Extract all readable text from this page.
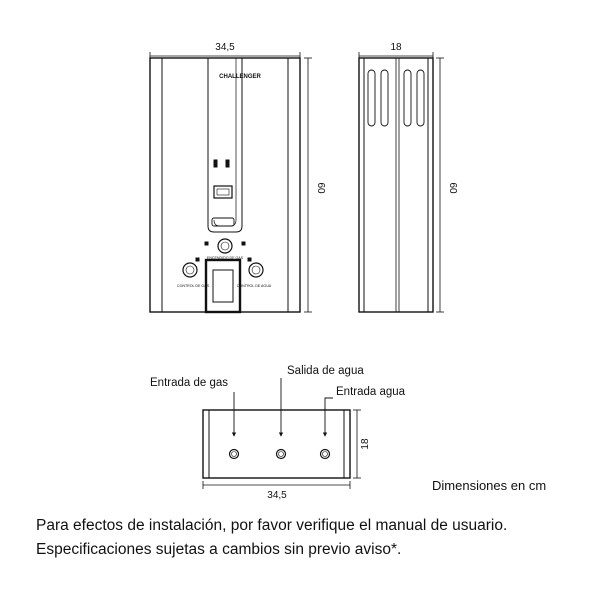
34,5
60
CHALLENGER
ENCENDIDO DE GAS
CONTROL DE GAS	CONTROL DE AGUA
18
60
Entrada de gas
Salida de agua
Entrada agua
18
34,5
Dimensiones en cm
Para efectos de instalación, por favor verifique el manual de usuario.
Especificaciones sujetas a cambios sin previo aviso*.
